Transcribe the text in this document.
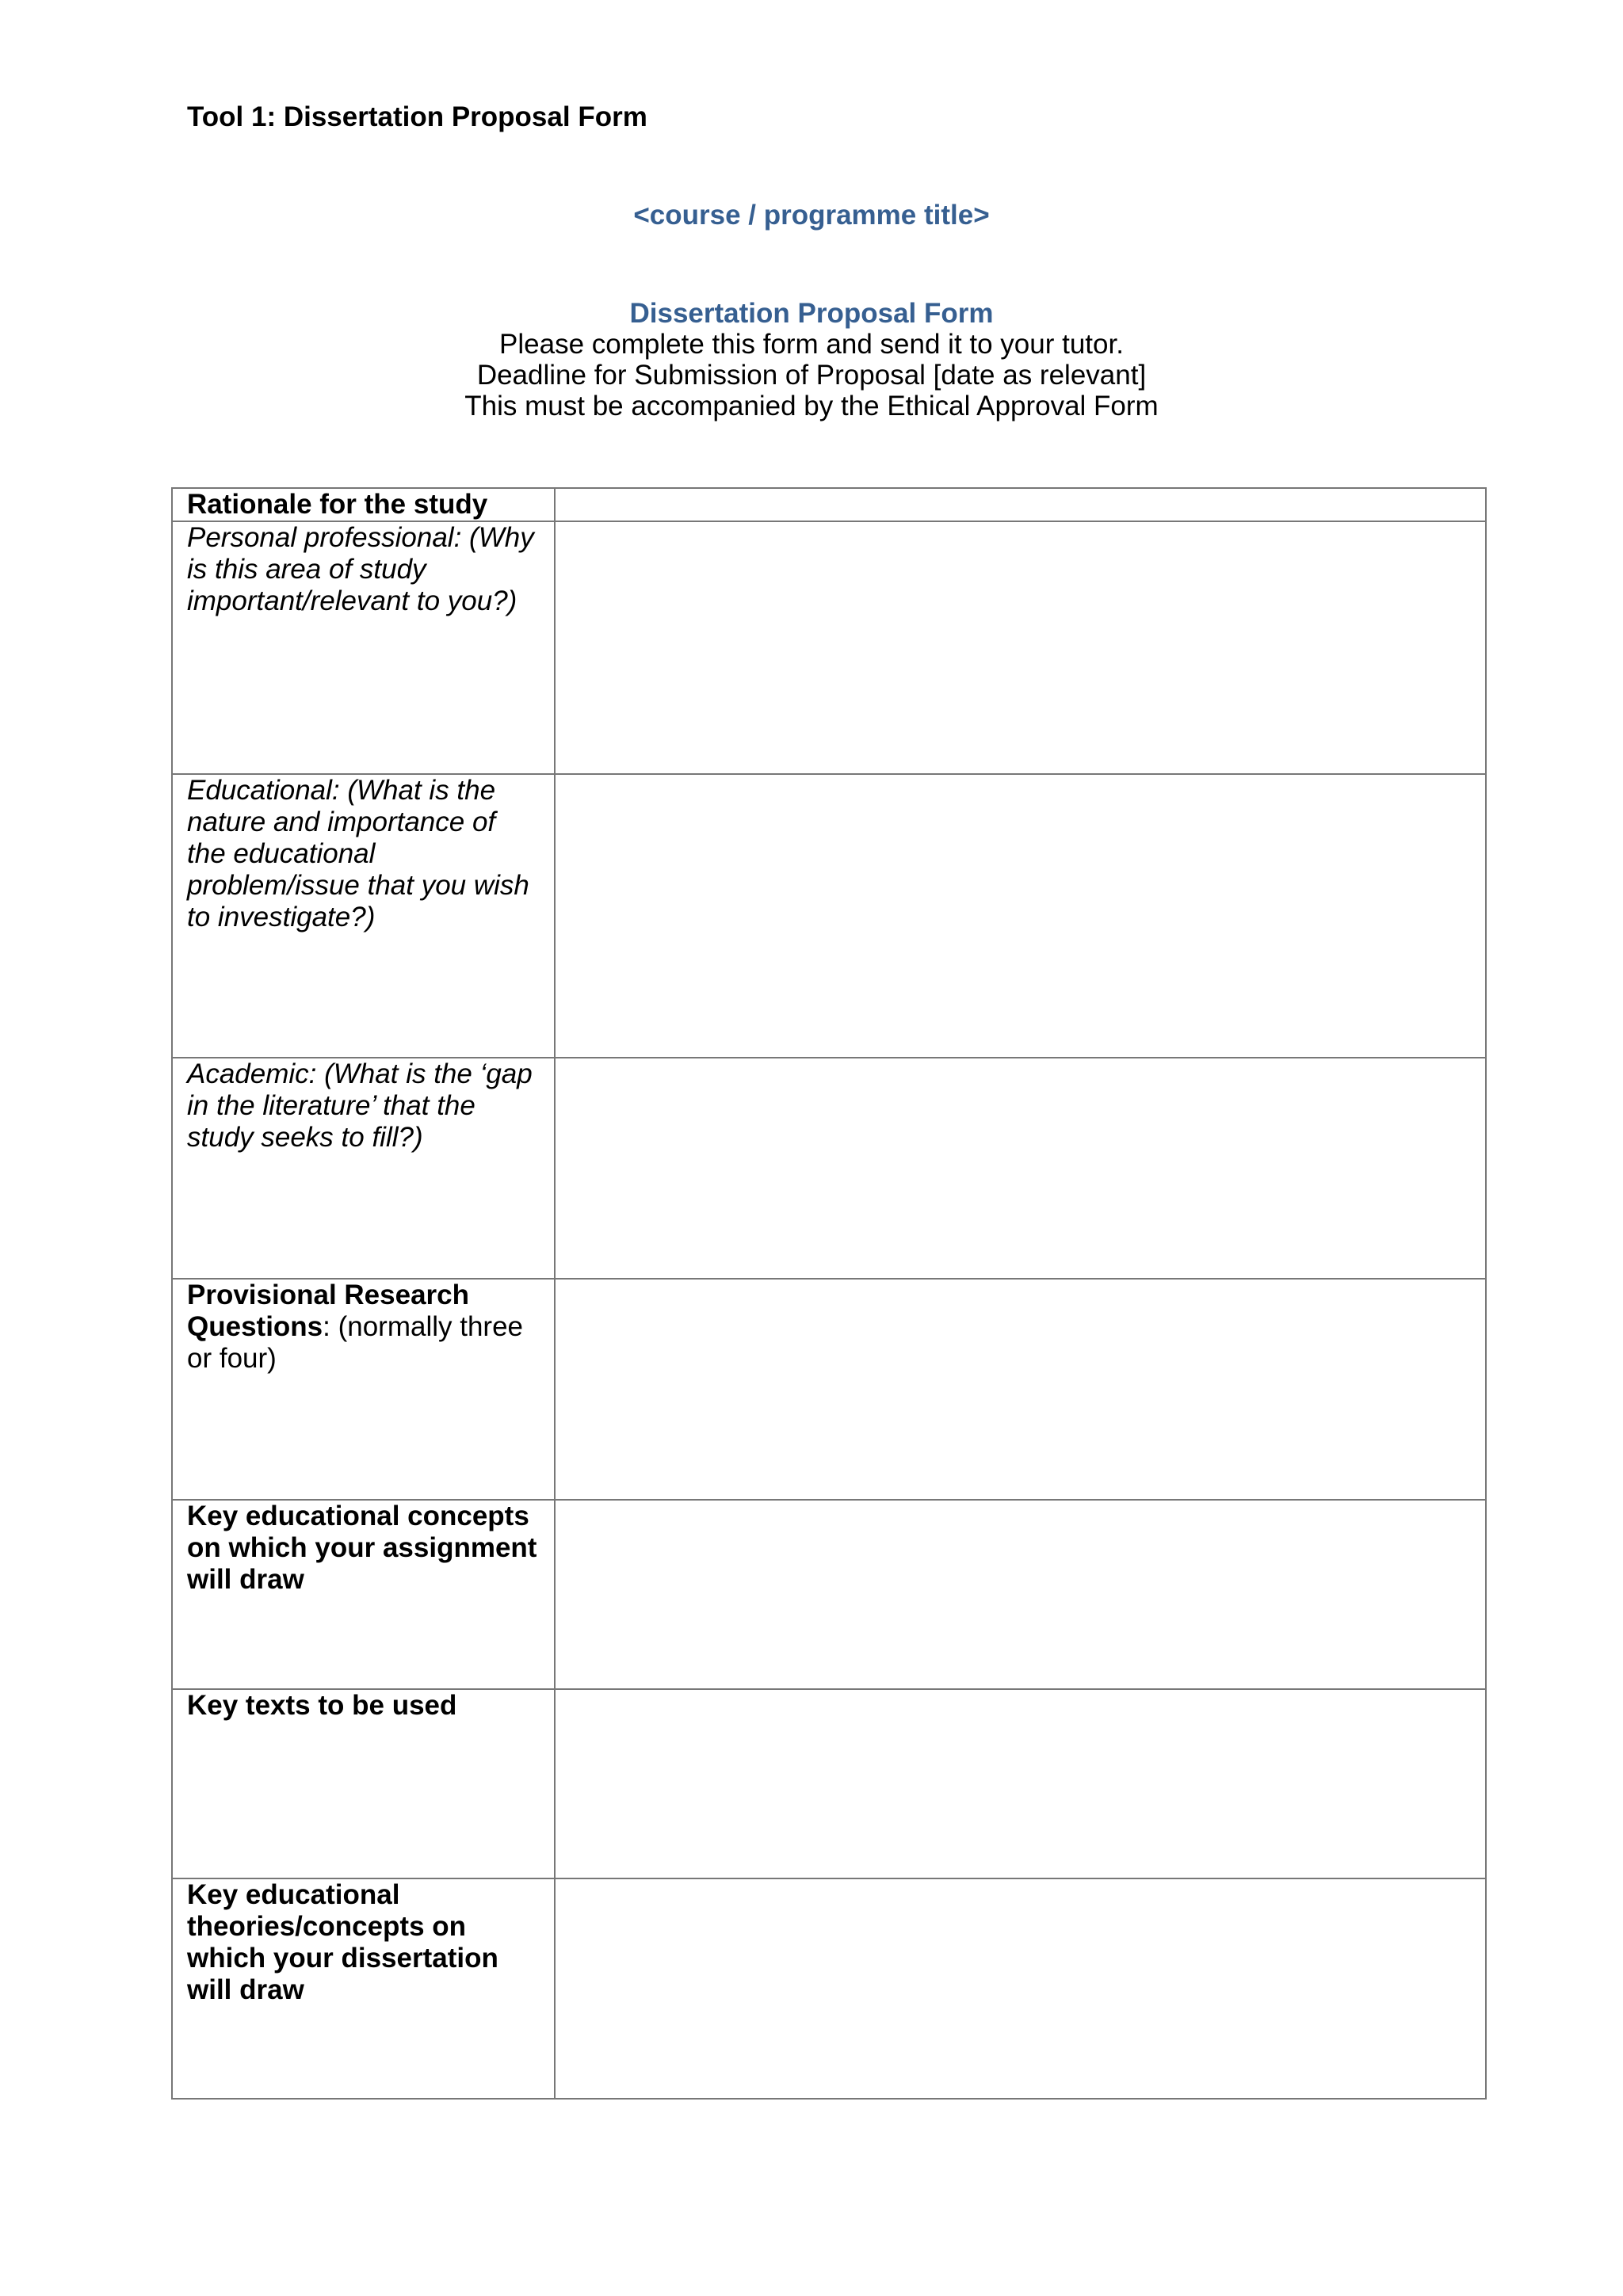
Tool 1: Dissertation Proposal Form
<course / programme title>
Dissertation Proposal Form
Please complete this form and send it to your tutor.
Deadline for Submission of Proposal [date as relevant]
This must be accompanied by the Ethical Approval Form
Rationale for the study	
Personal professional: (Why is this area of study important/relevant to you?)	
Educational: (What is the nature and importance of the educational problem/issue that you wish to investigate?)	
Academic: (What is the ‘gap in the literature’ that the study seeks to fill?)	
Provisional Research Questions: (normally three or four)	
Key educational concepts on which your assignment will draw	
Key texts to be used	
Key educational theories/concepts on which your dissertation will draw	
